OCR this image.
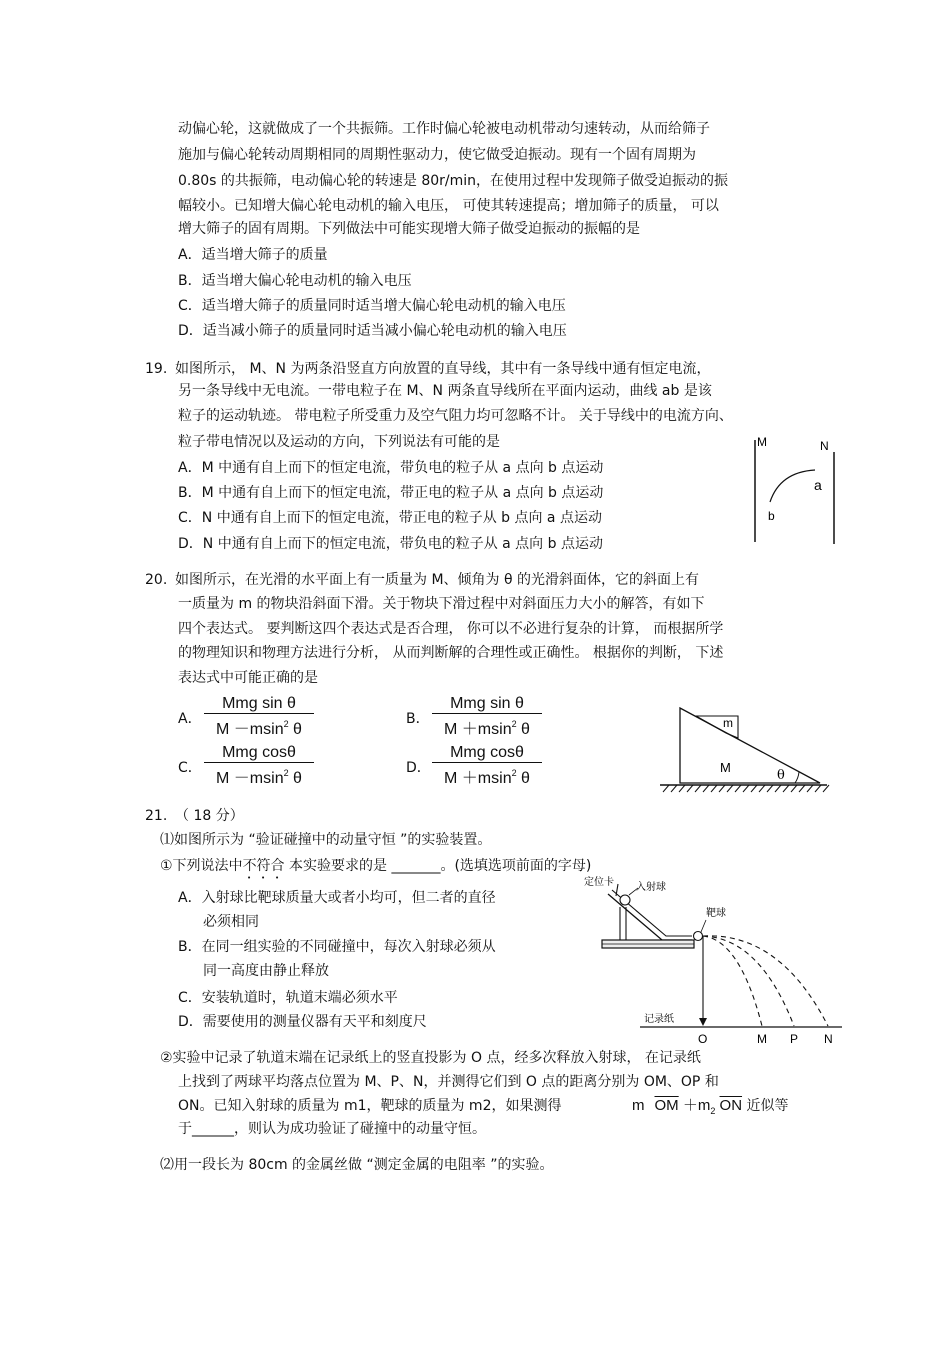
动偏心轮，这就做成了一个共振筛。工作时偏心轮被电动机带动匀速转动，从而给筛子
施加与偏心轮转动周期相同的周期性驱动力，使它做受迫振动。现有一个固有周期为
0.80s 的共振筛，电动偏心轮的转速是 80r/min，在使用过程中发现筛子做受迫振动的振
幅较小。已知增大偏心轮电动机的输入电压， 可使其转速提高；增加筛子的质量， 可以
增大筛子的固有周期。下列做法中可能实现增大筛子做受迫振动的振幅的是
A．适当增大筛子的质量
B．适当增大偏心轮电动机的输入电压
C．适当增大筛子的质量同时适当增大偏心轮电动机的输入电压
D．适当减小筛子的质量同时适当减小偏心轮电动机的输入电压
19. 如图所示， M、N 为两条沿竖直方向放置的直导线，其中有一条导线中通有恒定电流，
另一条导线中无电流。一带电粒子在 M、N 两条直导线所在平面内运动，曲线 ab 是该
粒子的运动轨迹。 带电粒子所受重力及空气阻力均可忽略不计。 关于导线中的电流方向、
粒子带电情况以及运动的方向，下列说法有可能的是
A．M 中通有自上而下的恒定电流，带负电的粒子从 a 点向 b 点运动
B．M 中通有自上而下的恒定电流，带正电的粒子从 a 点向 b 点运动
C．N 中通有自上而下的恒定电流，带正电的粒子从 b 点向 a 点运动
D．N 中通有自上而下的恒定电流，带负电的粒子从 a 点向 b 点运动
M	N
a
b
20. 如图所示，在光滑的水平面上有一质量为 M、倾角为 θ 的光滑斜面体，它的斜面上有
一质量为 m 的物块沿斜面下滑。关于物块下滑过程中对斜面压力大小的解答，有如下
四个表达式。 要判断这四个表达式是否合理， 你可以不必进行复杂的计算， 而根据所学
的物理知识和物理方法进行分析， 从而判断解的合理性或正确性。 根据你的判断， 下述
表达式中可能正确的是
A．
Mmg sin θ
M －msin$^2$ θ
B．
Mmg sin θ
M ＋msin$^2$ θ
C．
Mmg cosθ
M －msin$^2$ θ
D．
Mmg cosθ
M ＋msin$^2$ θ
m
M
θ
21. （ 18 分）
⑴如图所示为 “验证碰撞中的动量守恒 ”的实验装置。
①下列说法中不符合 本实验要求的是 _______。(选填选项前面的字母)
A．入射球比靶球质量大或者小均可，但二者的直径
必须相同
B．在同一组实验的不同碰撞中，每次入射球必须从
同一高度由静止释放
C．安装轨道时，轨道末端必须水平
D．需要使用的测量仪器有天平和刻度尺
定位卡 入射球
靶球
记录纸
O	M P N
②实验中记录了轨道末端在记录纸上的竖直投影为 O 点，经多次释放入射球， 在记录纸
上找到了两球平均落点位置为 M、P、N，并测得它们到 O 点的距离分别为 OM、OP 和
ON。已知入射球的质量为 m1，靶球的质量为 m2，如果测得	m $\overline{OM} +m_2$ $\overline{ON}$ 近似等
于______，则认为成功验证了碰撞中的动量守恒。
⑵用一段长为 80cm 的金属丝做 “测定金属的电阻率 ”的实验。
